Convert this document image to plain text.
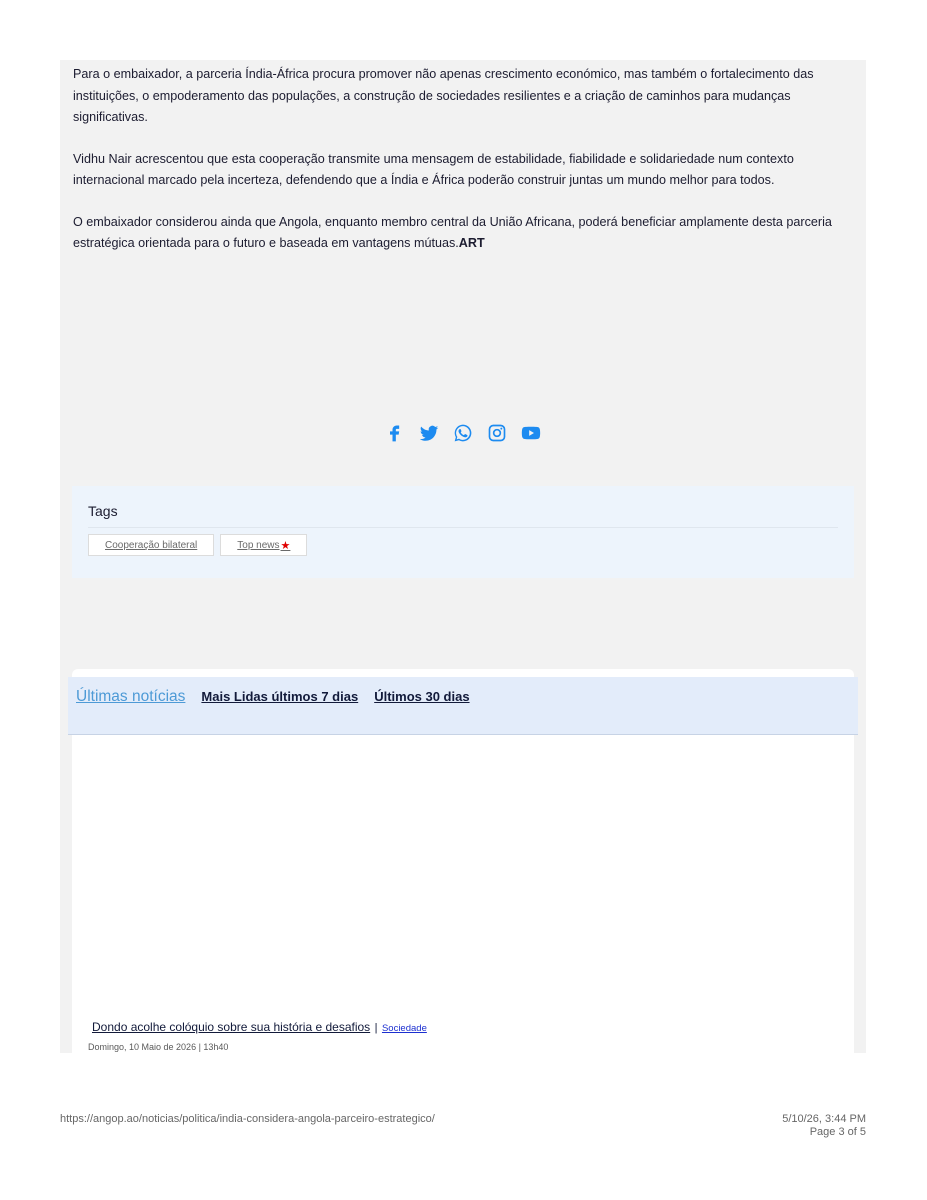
Para o embaixador, a parceria Índia-África procura promover não apenas crescimento económico, mas também o fortalecimento das instituições, o empoderamento das populações, a construção de sociedades resilientes e a criação de caminhos para mudanças significativas.

Vidhu Nair acrescentou que esta cooperação transmite uma mensagem de estabilidade, fiabilidade e solidariedade num contexto internacional marcado pela incerteza, defendendo que a Índia e África poderão construir juntas um mundo melhor para todos.

O embaixador considerou ainda que Angola, enquanto membro central da União Africana, poderá beneficiar amplamente desta parceria estratégica orientada para o futuro e baseada em vantagens mútuas.ART

Tags
Cooperação bilateral	Top news ★
Últimas notícias Mais Lidas últimos 7 dias Últimos 30 dias
Dondo acolhe colóquio sobre sua história e desafios | Sociedade
Domingo, 10 Maio de 2026 | 13h40
https://angop.ao/noticias/politica/india-considera-angola-parceiro-estrategico/	5/10/26, 3:44 PM
Page 3 of 5
